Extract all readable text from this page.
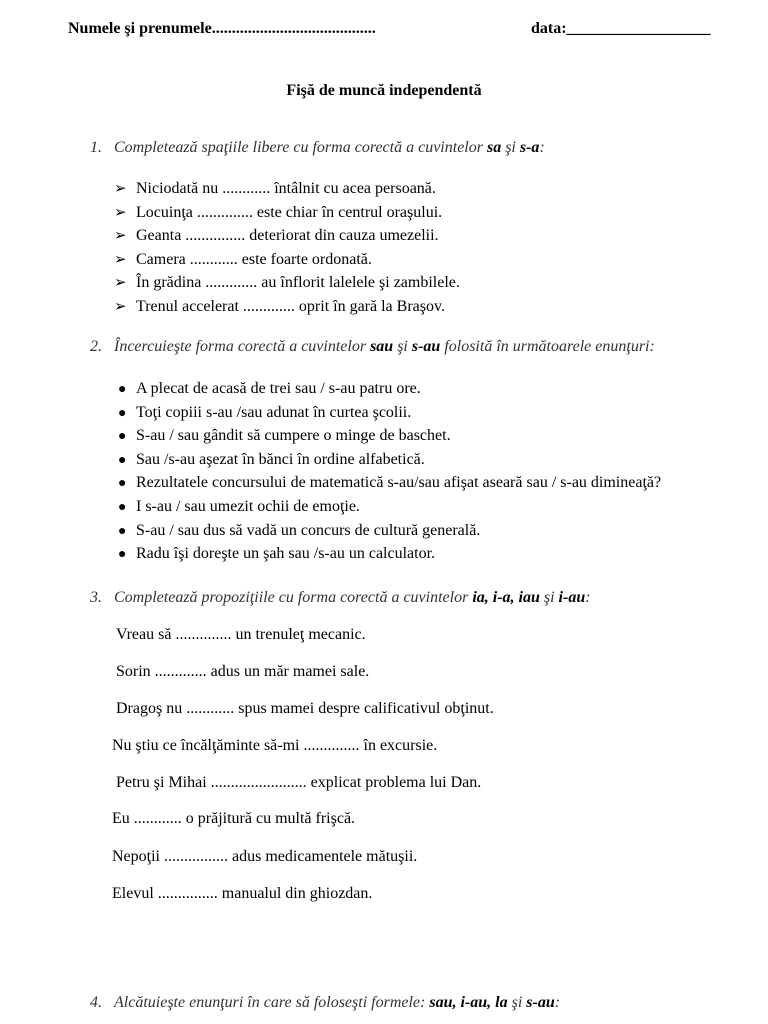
Numele şi prenumele.........................................	data:__________________
Fişă de muncă independentă
1. Completează spaţiile libere cu forma corectă a cuvintelor sa şi s-a:
➢ Niciodată nu ............ întâlnit cu acea persoană.
➢ Locuinţa .............. este chiar în centrul oraşului.
➢ Geanta ............... deteriorat din cauza umezelii.
➢ Camera ............ este foarte ordonată.
➢ În grădina ............. au înflorit lalelele şi zambilele.
➢ Trenul accelerat ............. oprit în gară la Braşov.
2. Încercuieşte forma corectă a cuvintelor sau şi s-au folosită în următoarele enunţuri:
● A plecat de acasă de trei sau / s-au patru ore.
● Toţi copiii s-au /sau adunat în curtea şcolii.
● S-au / sau gândit să cumpere o minge de baschet.
● Sau /s-au aşezat în bănci în ordine alfabetică.
● Rezultatele concursului de matematică s-au/sau afişat aseară sau / s-au dimineaţă?
● I s-au / sau umezit ochii de emoţie.
● S-au / sau dus să vadă un concurs de cultură generală.
● Radu îşi doreşte un şah sau /s-au un calculator.
3. Completează propoziţiile cu forma corectă a cuvintelor ia, i-a, iau şi i-au:
Vreau să .............. un trenuleţ mecanic.
Sorin ............. adus un măr mamei sale.
Dragoş nu ............ spus mamei despre calificativul obţinut.
Nu ştiu ce încălţăminte să-mi .............. în excursie.
Petru şi Mihai ........................ explicat problema lui Dan.
Eu ............ o prăjitură cu multă frişcă.
Nepoţii ................ adus medicamentele mătuşii.
Elevul ............... manualul din ghiozdan.
4. Alcătuieşte enunţuri în care să foloseşti formele: sau, i-au, la şi s-au:
